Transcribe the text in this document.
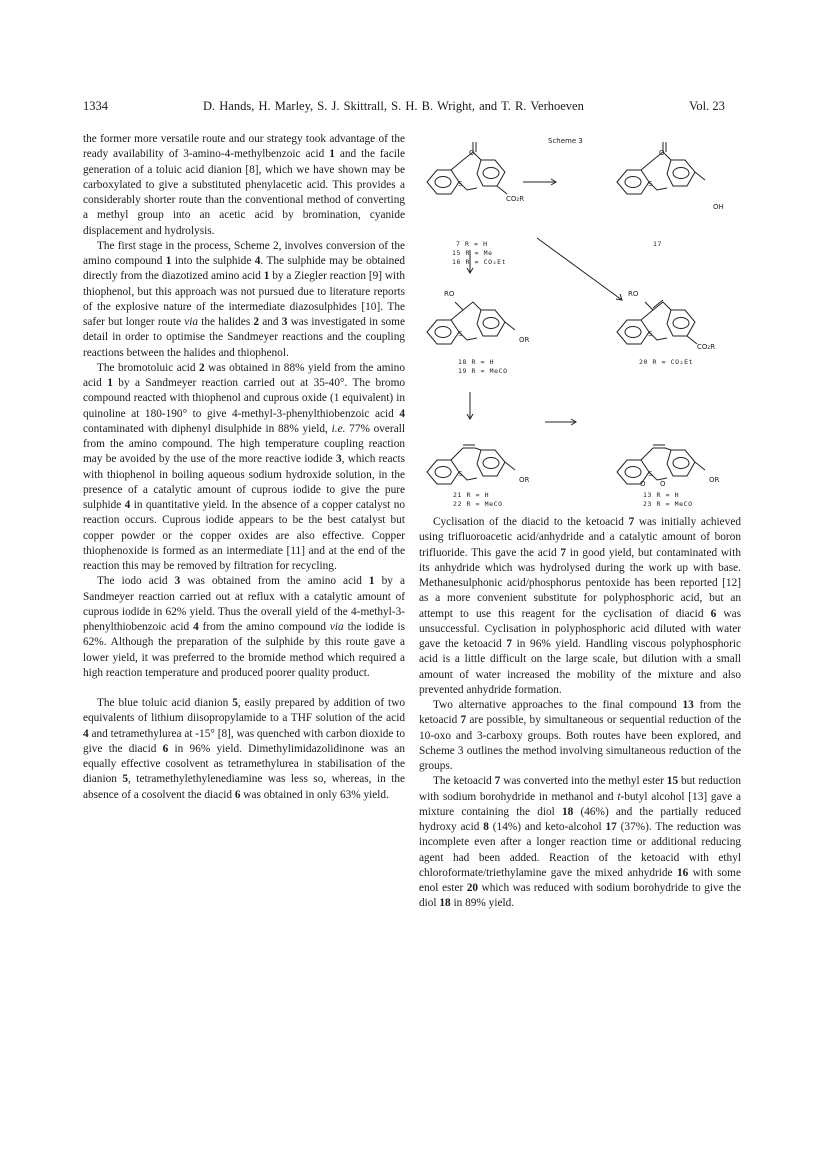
1334	D. Hands, H. Marley, S. J. Skittrall, S. H. B. Wright, and T. R. Verhoeven	Vol. 23

the former more versatile route and our strategy took advantage of the ready availability of 3-amino-4-methylbenzoic acid 1 and the facile generation of a toluic acid dianion [8], which we have shown may be carboxylated to give a substituted phenylacetic acid. This provides a considerably shorter route than the conventional method of converting a methyl group into an acetic acid by bromination, cyanide displacement and hydrolysis.

The first stage in the process, Scheme 2, involves conversion of the amino compound 1 into the sulphide 4. The sulphide may be obtained directly from the diazotized amino acid 1 by a Ziegler reaction [9] with thiophenol, but this approach was not pursued due to literature reports of the explosive nature of the intermediate diazosulphides [10]. The safer but longer route via the halides 2 and 3 was investigated in some detail in order to optimise the Sandmeyer reactions and the coupling reactions between the halides and thiophenol.

The bromotoluic acid 2 was obtained in 88% yield from the amino acid 1 by a Sandmeyer reaction carried out at 35-40°. The bromo compound reacted with thiophenol and cuprous oxide (1 equivalent) in quinoline at 180-190° to give 4-methyl-3-phenylthiobenzoic acid 4 contaminated with diphenyl disulphide in 88% yield, i.e. 77% overall from the amino compound. The high temperature coupling reaction may be avoided by the use of the more reactive iodide 3, which reacts with thiophenol in boiling aqueous sodium hydroxide solution, in the presence of a catalytic amount of cuprous iodide to give the pure sulphide 4 in quantitative yield. In the absence of a copper catalyst no reaction occurs. Cuprous iodide appears to be the best catalyst but copper powder or the copper oxides are also effective. Copper thiophenoxide is formed as an intermediate [11] and at the end of the reaction this may be removed by filtration for recycling.

The iodo acid 3 was obtained from the amino acid 1 by a Sandmeyer reaction carried out at reflux with a catalytic amount of cuprous iodide in 62% yield. Thus the overall yield of the 4-methyl-3-phenylthiobenzoic acid 4 from the amino compound via the iodide is 62%. Although the preparation of the sulphide by this route gave a lower yield, it was preferred to the bromide method which required a high reaction temperature and produced poorer quality product.

The blue toluic acid dianion 5, easily prepared by addition of two equivalents of lithium diisopropylamide to a THF solution of the acid 4 and tetramethylurea at -15° [8], was quenched with carbon dioxide to give the diacid 6 in 96% yield. Dimethylimidazolidinone was an equally effective cosolvent as tetramethylurea in stabilisation of the dianion 5, tetramethylethylenediamine was less so, whereas, in the absence of a cosolvent the diacid 6 was obtained in only 63% yield.

Cyclisation of the diacid to the ketoacid 7 was initially achieved using trifluoroacetic acid/anhydride and a catalytic amount of boron trifluoride. This gave the acid 7 in good yield, but contaminated with its anhydride which was hydrolysed during the work up with base. Methanesulphonic acid/phosphorus pentoxide has been reported [12] as a more convenient substitute for polyphosphoric acid, but an attempt to use this reagent for the cyclisation of diacid 6 was unsuccessful. Cyclisation in polyphosphoric acid diluted with water gave the ketoacid 7 in 96% yield. Handling viscous polyphosphoric acid is a little difficult on the large scale, but dilution with a small amount of water increased the mobility of the mixture and also prevented anhydride formation.

Two alternative approaches to the final compound 13 from the ketoacid 7 are possible, by simultaneous or sequential reduction of the 10-oxo and 3-carboxy groups. Both routes have been explored, and Scheme 3 outlines the method involving simultaneous reduction of the groups.

The ketoacid 7 was converted into the methyl ester 15 but reduction with sodium borohydride in methanol and t-butyl alcohol [13] gave a mixture containing the diol 18 (46%) and the partially reduced hydroxy acid 8 (14%) and keto-alcohol 17 (37%). The reduction was incomplete even after a longer reaction time or additional reducing agent had been added. Reaction of the ketoacid with ethyl chloroformate/triethylamine gave the mixed anhydride 16 with some enol ester 20 which was reduced with sodium borohydride to give the diol 18 in 89% yield.

Scheme 3
O
S
CO₂R
O
S
OH
RO
S
OR
RO
S
CO₂R
S
OR
S
O O	OR
7 R = H
15 R = Me
16 R = CO₂Et
17
18 R = H
19 R = MeCO
20 R = CO₂Et
21 R = H
22 R = MeCO
13 R = H
23 R = MeCO
